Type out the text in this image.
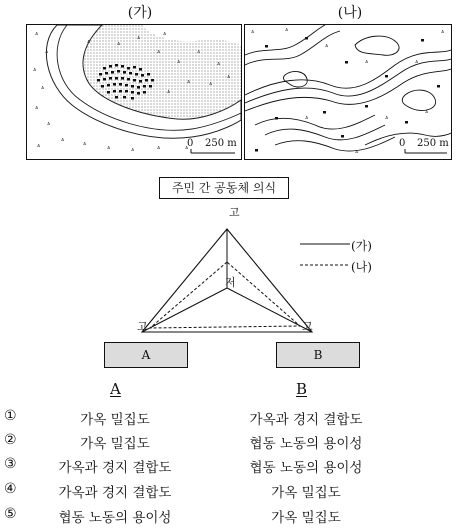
(가)	(나)
ᐞ
ᐞ
ᐞ
ᐞ
ᐞ
ᐞ
ᐞ
ᐞ	ᐞ
ᐞ	ᐞ	ᐞ	ᐞ
ᐞ
ᐞ
ᐞ
ᐞ
ᐞ	ᐞ
ᐞ
ᐞ
ᐞ	ᐞ
ᐞ
ᐞ
0 250 m
ᐞ	ᐞ
ᐞ
ᐞ	ᐞ
ᐞ
ᐞ	ᐞ
ᐞ
ᐞ
0 250 m
주민 간 공동체 의식
고
저
고	고
(가)
(나)
A	B
A	B
①	가옥 밀집도	가옥과 경지 결합도
②	가옥 밀집도	협동 노동의 용이성
③	가옥과 경지 결합도	협동 노동의 용이성
④	가옥과 경지 결합도	가옥 밀집도
⑤	협동 노동의 용이성	가옥 밀집도
